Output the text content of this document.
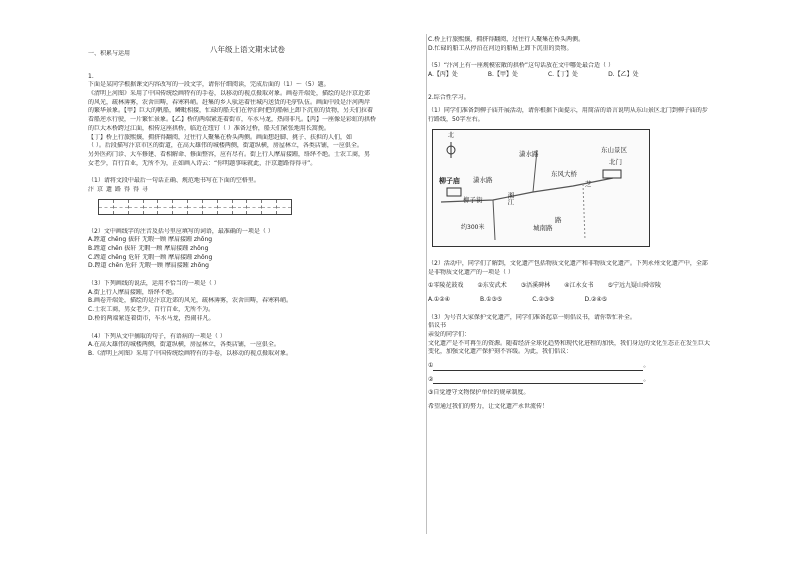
八年级上语文期末试卷

一、积累与运用

1.

下面是某同学根据课文内容改写的一段文字，请你仔细阅读，完成后面的（1）～（5）题。

《清明上河图》采用了中国传统绘画特有的手卷，以移动的视点摄取对象。画卷开端处，描绘的是汴京近郊

的风光，疏林薄雾，农舍田畴，春寒料峭。赶集的乡人驮运着往城内送货的毛驴队伍。画面中段是汴河两岸

的繁华景象。【甲】巨大的帆船，鳞毗相接，忙碌的船夫们在停泊时把的船帖上卸下沉重的货物，另夫们拉着

看船逆水行驶，一片繁忙景象。【乙】桥的两端紧连着街市，车水马龙，热闹非凡。【丙】一座像是彩虹的拱桥

的巨大木桥跨过江面，相传这座拱桥，临近在纽钉（ ）准备过桥，船夫们紧张地用长篙挽。

【丁】桥上行旅熙攘，拥挤得翻阅，过往行人聚集在桥头两侧。画面想赶脚、挑子、扶担的人们，如

（ ）。后段描写汴京市区的街道，在高大雄伟的城楼两侧，街道纵横，房屋林立，各类店铺，一应俱全。

另外医药门诊、大车修建、看相解命、修面整容，应有尽有。街上行人摩肩接踵，络绎不绝。士农工商，男

女老少，百行百业，无所不为，正如画入诗云：“你明题事味就此，汴京遗路得得寻”。

（1）请将文段中最后一句话正确、规范地书写在下面的空格里。

汴京遗路得得寻

（2）文中画线字的注音及括号里应填写的词语，最准确的一项是（ ）

A.蹚道 chēng 拔轩 无暇一顾 摩肩接踵 zhōng

B.蹚道 chēn 拔轩 无暇一顾 摩肩接踵 zhōng

C.蹚道 chēng 危轩 无暇一顾 摩肩接踵 zhōng

D.蹚道 chēn 危轩 无暇一顾 摩肩接踵 zhōng

（3）下列画线的说法，运用不恰当的一项是（ ）

A.街上行人摩肩接踵，络绎不绝。

B.画卷开端处，描绘的是汴京近郊的风光，疏林薄雾，农舍田畴，春寒料峭。

C.士农工商，男女老少，百行百业，无所不为。

D.桥的两端紧连着街市，车水马龙，热闹非凡。

（4）下列从文中摘取的句子，有语病的一项是（ ）

A.在高大雄伟的城楼两侧，街道纵横，房屋林立，各类店铺，一应俱全。

B.《清明上河图》采用了中国传统绘画特有的手卷，以移动的视点摄取对象。

C.桥上行旅熙攘，拥挤得翻阅，过往行人聚集在桥头两侧。

D.忙碌的船工从停泊在河边的船帖上卸下沉重的货物。

（5）“汴河上有一座规模宏敞的拱桥”这句话放在文中哪处最合适（ ）

A.【丙】处	B.【甲】处	C.【丁】处	D.【乙】处

2.综合性学习。

（1）同学们准备到柳子庙开展活动，请你根据下面提示，用简洁的语言说明从东山景区北门到柳子庙的步

行路线，50字左右。

北
柳子庙 潇水路
潇水路
东风大桥
东山景区
北门
湘江
路
芝
柳子街
约300米	城南路

（2）活动中，同学们了解到，文化遗产包括物质文化遗产和非物质文化遗产。下列永州文化遗产中，全部

是非物质文化遗产的一项是（ ）

①零陵花鼓戏 ②东安武术 ③浯溪碑林 ④江永女书 ⑤宁远九疑山舜帝陵
A.①②④	B.①③⑤	C.②③⑤	D.②④⑤

（3）为号召大家保护文化遗产，同学们准备起草一则倡议书，请你帮忙补全。

倡议书

亲爱的同学们：

文化遗产是不可再生的资源。随着经济全球化趋势和现代化进程的加快，我们身边的文化生态正在发生巨大

变化，加强文化遗产保护刻不容缓。为此，我们倡议：

①	。

②	。

③自觉遵守文物保护单位的规章制度。

希望通过我们的努力，让文化遗产永世流传！
